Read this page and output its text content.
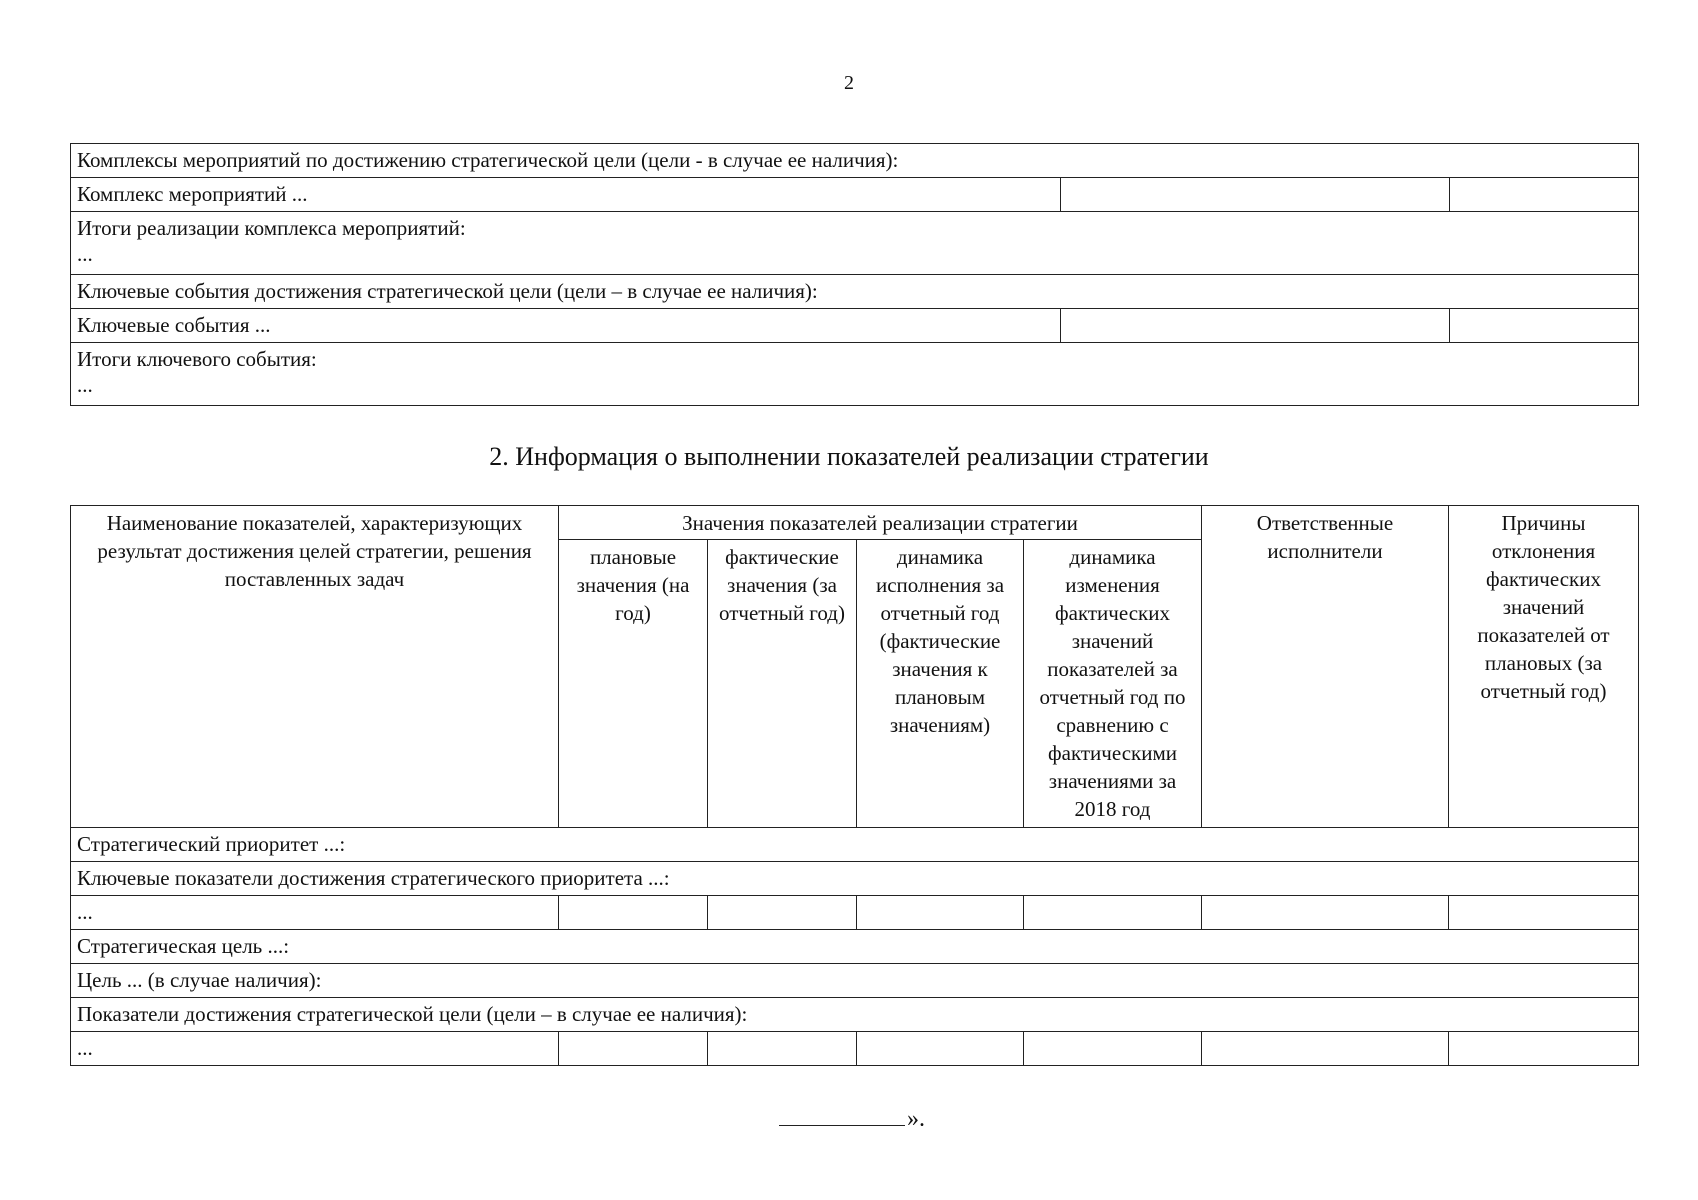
2
Комплексы мероприятий по достижению стратегической цели (цели - в случае ее наличия):		
Комплекс мероприятий ...		

Итоги реализации комплекса мероприятий:
...		

Ключевые события достижения стратегической цели (цели – в случае ее наличия):		
Ключевые события ...		

Итоги ключевого события:
...		
2. Информация о выполнении показателей реализации стратегии
Наименование показателей, характеризующих результат достижения целей стратегии, решения поставленных задач	Значения показателей реализации стратегии				Ответственные исполнители	Причины отклонения фактических значений показателей от плановых (за отчетный год)
	плановые значения (на год)	фактические значения (за отчетный год)	динамика исполнения за отчетный год (фактические значения к плановым значениям)	динамика изменения фактических значений показателей за отчетный год по сравнению с фактическими значениями за 2018 год		
Стратегический приоритет ...:						
Ключевые показатели достижения стратегического приоритета ...:						
...						
Стратегическая цель ...:						
Цель ... (в случае наличия):						
Показатели достижения стратегической цели (цели – в случае ее наличия):						
...						
».
